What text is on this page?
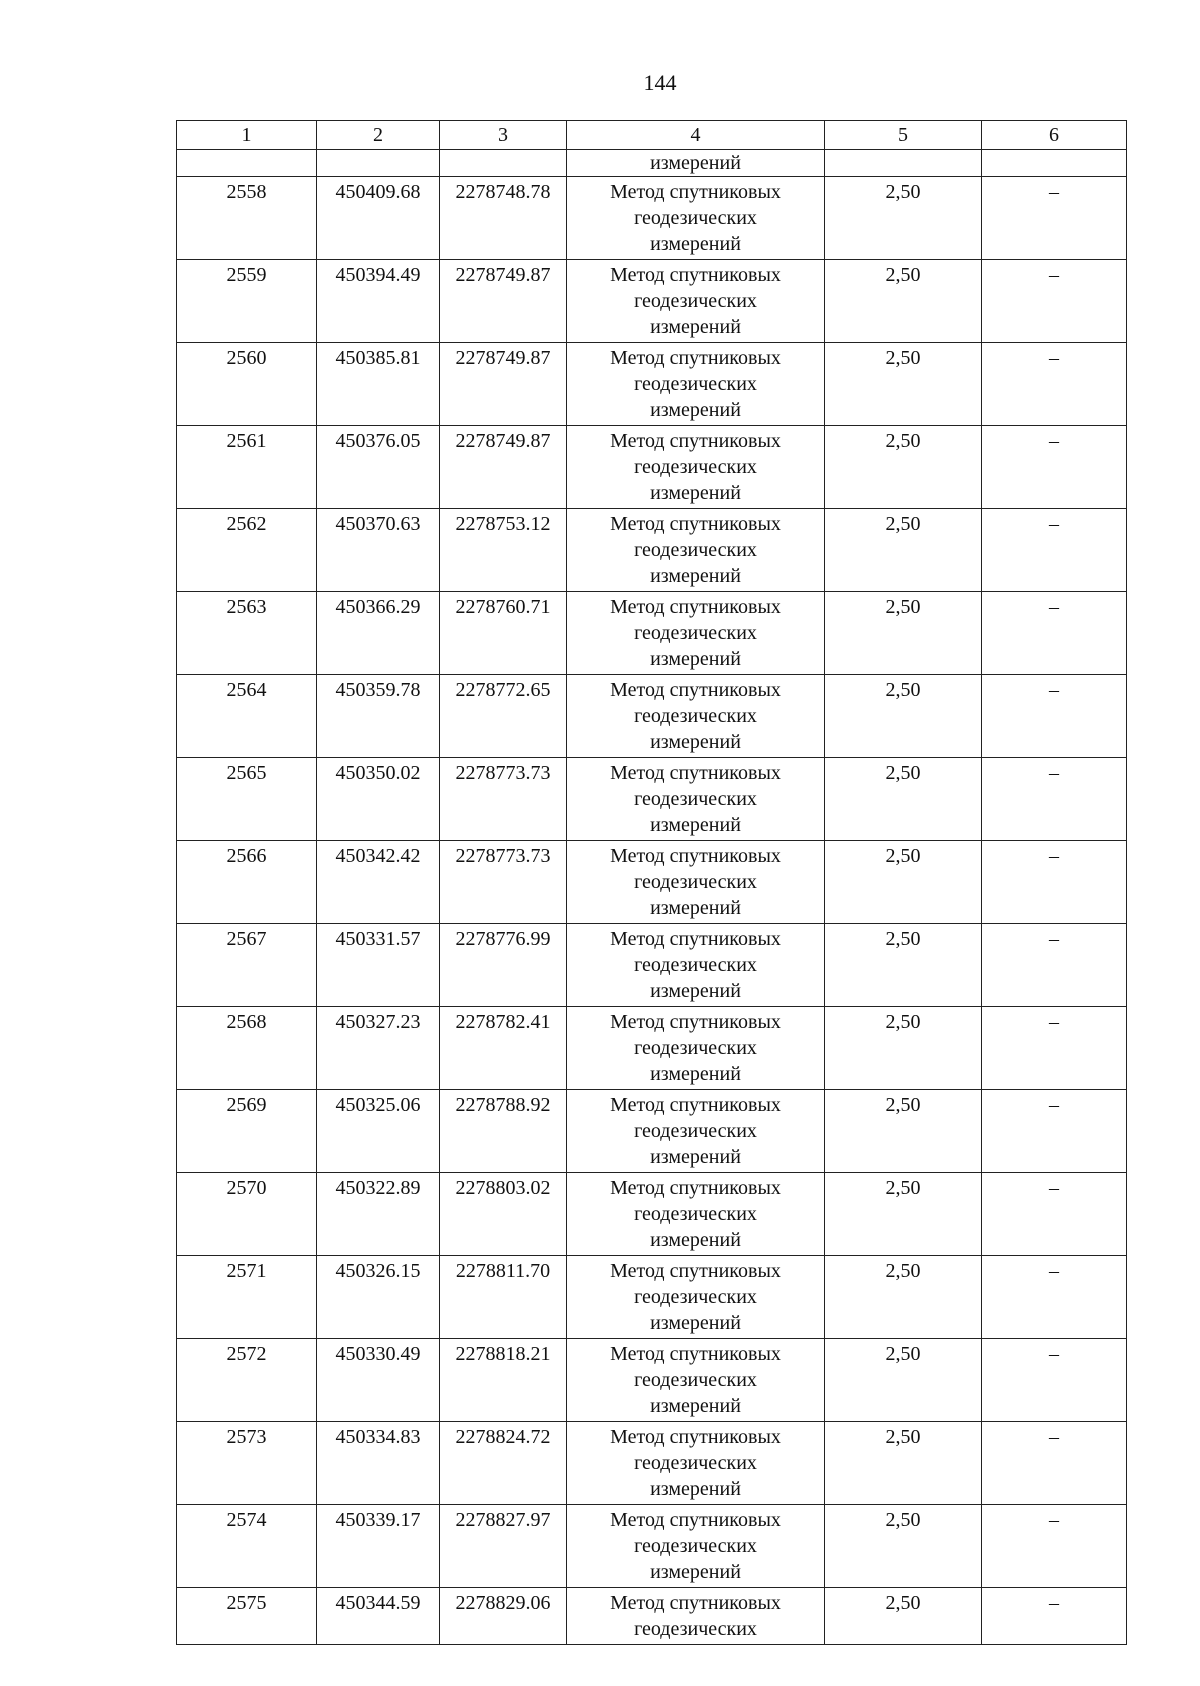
144
1	2	3	4	5	6
			измерений		
2558	450409.68	2278748.78	Метод спутниковых
геодезических
измерений	2,50	–
2559	450394.49	2278749.87	Метод спутниковых
геодезических
измерений	2,50	–
2560	450385.81	2278749.87	Метод спутниковых
геодезических
измерений	2,50	–
2561	450376.05	2278749.87	Метод спутниковых
геодезических
измерений	2,50	–
2562	450370.63	2278753.12	Метод спутниковых
геодезических
измерений	2,50	–
2563	450366.29	2278760.71	Метод спутниковых
геодезических
измерений	2,50	–
2564	450359.78	2278772.65	Метод спутниковых
геодезических
измерений	2,50	–
2565	450350.02	2278773.73	Метод спутниковых
геодезических
измерений	2,50	–
2566	450342.42	2278773.73	Метод спутниковых
геодезических
измерений	2,50	–
2567	450331.57	2278776.99	Метод спутниковых
геодезических
измерений	2,50	–
2568	450327.23	2278782.41	Метод спутниковых
геодезических
измерений	2,50	–
2569	450325.06	2278788.92	Метод спутниковых
геодезических
измерений	2,50	–
2570	450322.89	2278803.02	Метод спутниковых
геодезических
измерений	2,50	–
2571	450326.15	2278811.70	Метод спутниковых
геодезических
измерений	2,50	–
2572	450330.49	2278818.21	Метод спутниковых
геодезических
измерений	2,50	–
2573	450334.83	2278824.72	Метод спутниковых
геодезических
измерений	2,50	–
2574	450339.17	2278827.97	Метод спутниковых
геодезических
измерений	2,50	–
2575	450344.59	2278829.06	Метод спутниковых
геодезических	2,50	–
